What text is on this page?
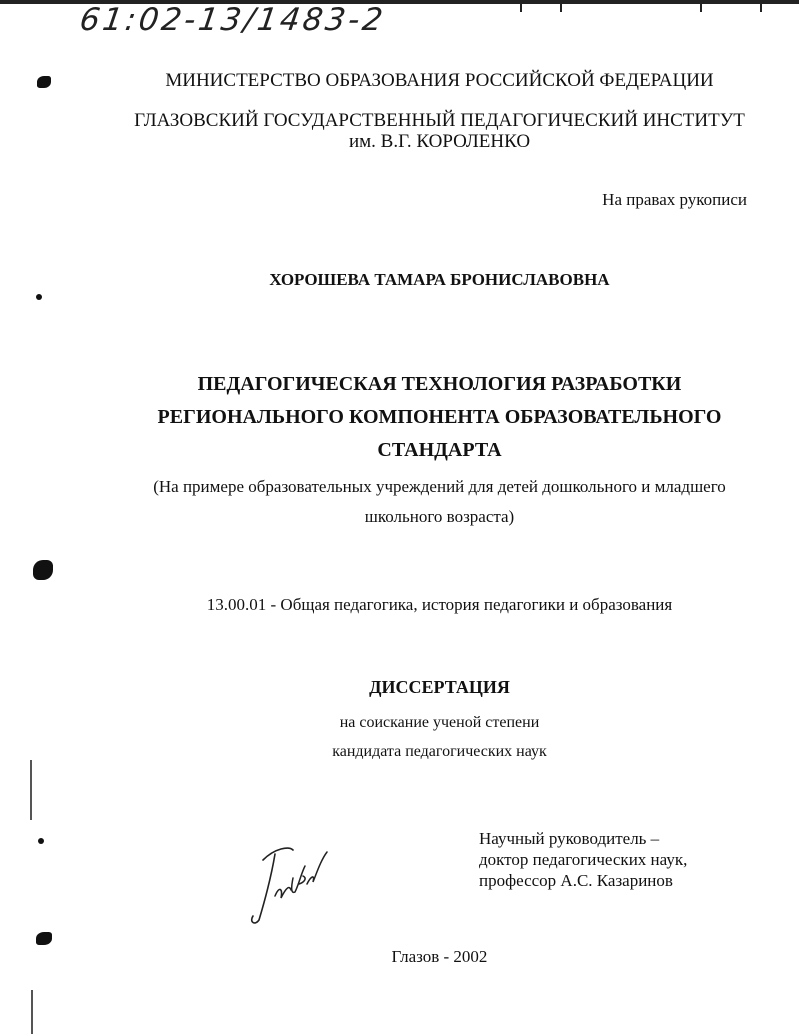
61:02-13/1483-2
МИНИСТЕРСТВО ОБРАЗОВАНИЯ РОССИЙСКОЙ ФЕДЕРАЦИИ
ГЛАЗОВСКИЙ ГОСУДАРСТВЕННЫЙ ПЕДАГОГИЧЕСКИЙ ИНСТИТУТ
им. В.Г. КОРОЛЕНКО
На правах рукописи
ХОРОШЕВА ТАМАРА БРОНИСЛАВОВНА
ПЕДАГОГИЧЕСКАЯ ТЕХНОЛОГИЯ РАЗРАБОТКИ
РЕГИОНАЛЬНОГО КОМПОНЕНТА ОБРАЗОВАТЕЛЬНОГО
СТАНДАРТА
(На примере образовательных учреждений для детей дошкольного и младшего
школьного возраста)
13.00.01 - Общая педагогика, история педагогики и образования
ДИССЕРТАЦИЯ
на соискание ученой степени
кандидата педагогических наук
Научный руководитель –
доктор педагогических наук,
профессор А.С. Казаринов
Глазов - 2002
